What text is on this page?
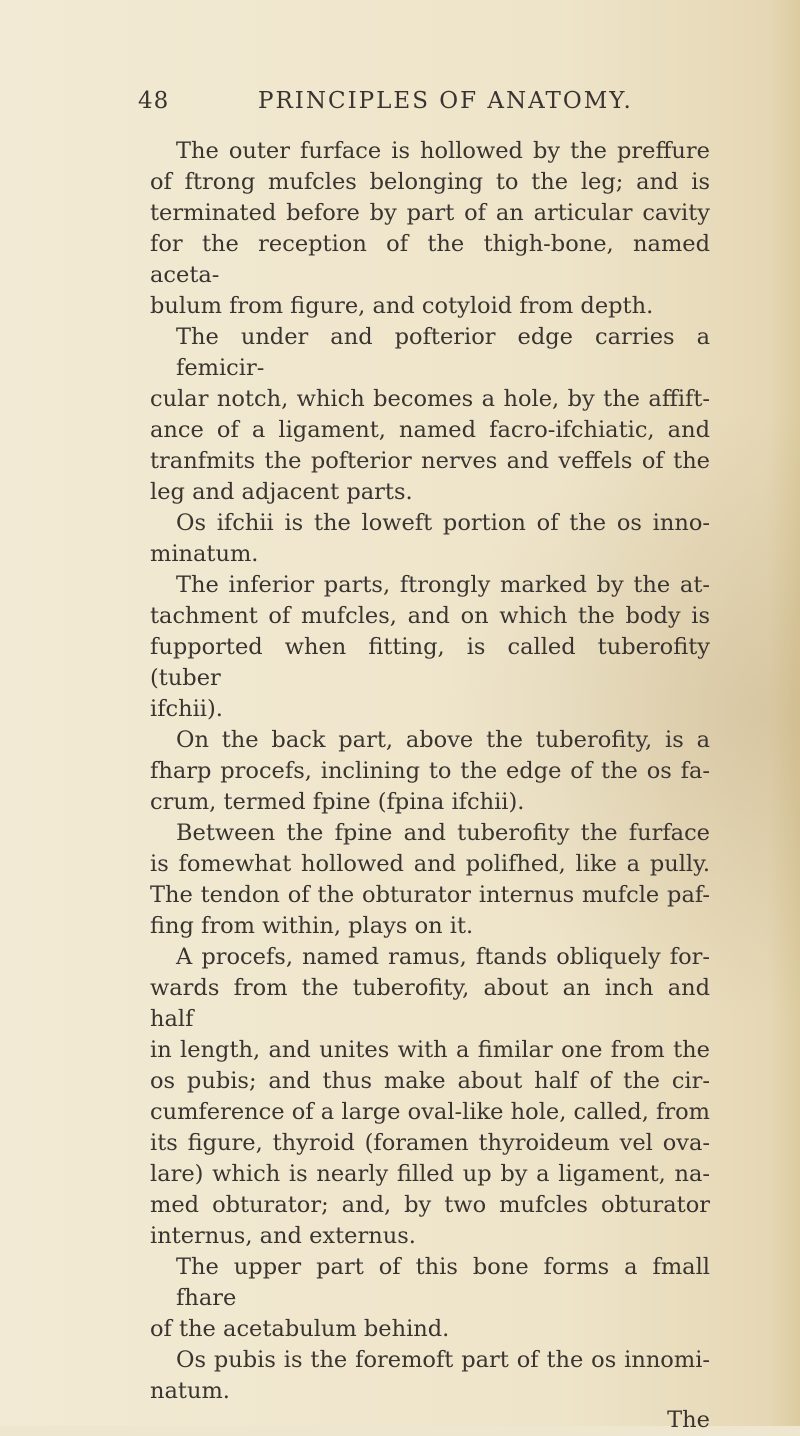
48	PRINCIPLES OF ANATOMY.
The outer furface is hollowed by the preffure
of ftrong mufcles belonging to the leg; and is
terminated before by part of an articular cavity
for the reception of the thigh-bone, named aceta-
bulum from figure, and cotyloid from depth.
The under and pofterior edge carries a femicir-
cular notch, which becomes a hole, by the affift-
ance of a ligament, named facro-ifchiatic, and
tranfmits the pofterior nerves and veffels of the
leg and adjacent parts.
Os ifchii is the loweft portion of the os inno-
minatum.
The inferior parts, ftrongly marked by the at-
tachment of mufcles, and on which the body is
fupported when fitting, is called tuberofity (tuber
ifchii).
On the back part, above the tuberofity, is a
fharp procefs, inclining to the edge of the os fa-
crum, termed fpine (fpina ifchii).
Between the fpine and tuberofity the furface
is fomewhat hollowed and polifhed, like a pully.
The tendon of the obturator internus mufcle paf-
fing from within, plays on it.
A procefs, named ramus, ftands obliquely for-
wards from the tuberofity, about an inch and half
in length, and unites with a fimilar one from the
os pubis; and thus make about half of the cir-
cumference of a large oval-like hole, called, from
its figure, thyroid (foramen thyroideum vel ova-
lare) which is nearly filled up by a ligament, na-
med obturator; and, by two mufcles obturator
internus, and externus.
The upper part of this bone forms a fmall fhare
of the acetabulum behind.
Os pubis is the foremoft part of the os innomi-
natum.
The
